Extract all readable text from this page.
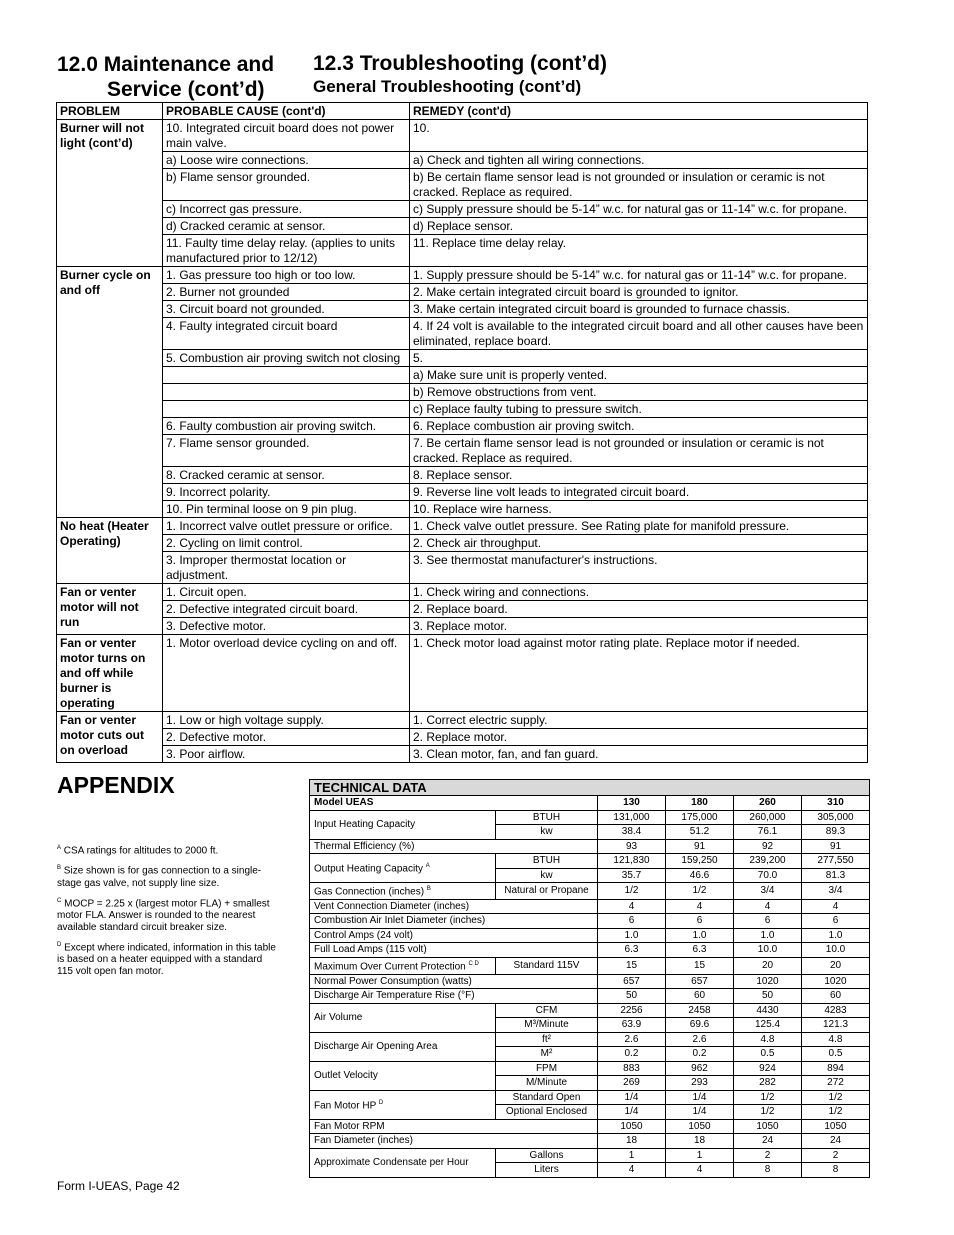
12.0 Maintenance and
Service (cont’d)
12.3 Troubleshooting (cont’d)
General Troubleshooting (cont’d)
PROBLEM	PROBABLE CAUSE (cont'd)	REMEDY (cont'd)
Burner will not light (cont’d)	10. Integrated circuit board does not power main valve.	10.
	a) Loose wire connections.	a) Check and tighten all wiring connections.
	b) Flame sensor grounded.	b) Be certain flame sensor lead is not grounded or insulation or ceramic is not cracked. Replace as required.
	c) Incorrect gas pressure.	c) Supply pressure should be 5-14” w.c. for natural gas or 11-14” w.c. for propane.
	d) Cracked ceramic at sensor.	d) Replace sensor.
	11. Faulty time delay relay. (applies to units manufactured prior to 12/12)	11. Replace time delay relay.
Burner cycle on and off	1. Gas pressure too high or too low.	1. Supply pressure should be 5-14” w.c. for natural gas or 11-14” w.c. for propane.
	2. Burner not grounded	2. Make certain integrated circuit board is grounded to ignitor.
	3. Circuit board not grounded.	3. Make certain integrated circuit board is grounded to furnace chassis.
	4. Faulty integrated circuit board	4. If 24 volt is available to the integrated circuit board and all other causes have been eliminated, replace board.
	5. Combustion air proving switch not closing	5.
		a) Make sure unit is properly vented.
		b) Remove obstructions from vent.
		c) Replace faulty tubing to pressure switch.
	6. Faulty combustion air proving switch.	6. Replace combustion air proving switch.
	7. Flame sensor grounded.	7. Be certain flame sensor lead is not grounded or insulation or ceramic is not cracked. Replace as required.
	8. Cracked ceramic at sensor.	8. Replace sensor.
	9. Incorrect polarity.	9. Reverse line volt leads to integrated circuit board.
	10. Pin terminal loose on 9 pin plug.	10. Replace wire harness.
No heat (Heater Operating)	1. Incorrect valve outlet pressure or orifice.	1. Check valve outlet pressure. See Rating plate for manifold pressure.
	2. Cycling on limit control.	2. Check air throughput.
	3. Improper thermostat location or adjustment.	3. See thermostat manufacturer's instructions.
Fan or venter motor will not run	1. Circuit open.	1. Check wiring and connections.
	2. Defective integrated circuit board.	2. Replace board.
	3. Defective motor.	3. Replace motor.
Fan or venter motor turns on and off while burner is operating	1. Motor overload device cycling on and off.	1. Check motor load against motor rating plate. Replace motor if needed.
Fan or venter motor cuts out on overload	1. Low or high voltage supply.	1. Correct electric supply.
	2. Defective motor.	2. Replace motor.
	3. Poor airflow.	3. Clean motor, fan, and fan guard.
APPENDIX

$^A$ CSA ratings for altitudes to 2000 ft.

$^B$ Size shown is for gas connection to a single-stage gas valve, not supply line size.

$^C$ MOCP = 2.25 x (largest motor FLA) + smallest motor FLA. Answer is rounded to the nearest available standard circuit breaker size.

$^D$ Except where indicated, information in this table is based on a heater equipped with a standard 115 volt open fan motor.

TECHNICAL DATA					
Model UEAS		130	180	260	310
Input Heating Capacity	BTUH	131,000	175,000	260,000	305,000
	kw	38.4	51.2	76.1	89.3
Thermal Efficiency (%)		93	91	92	91
Output Heating Capacity $^A$	BTUH	121,830	159,250	239,200	277,550
	kw	35.7	46.6	70.0	81.3
Gas Connection (inches) $^B$	Natural or Propane	1/2	1/2	3/4	3/4
Vent Connection Diameter (inches)		4	4	4	4
Combustion Air Inlet Diameter (inches)		6	6	6	6
Control Amps (24 volt)		1.0	1.0	1.0	1.0
Full Load Amps (115 volt)		6.3	6.3	10.0	10.0
Maximum Over Current Protection $^{C D}$	Standard 115V	15	15	20	20
Normal Power Consumption (watts)		657	657	1020	1020
Discharge Air Temperature Rise (°F)		50	60	50	60
Air Volume	CFM	2256	2458	4430	4283
	M³/Minute	63.9	69.6	125.4	121.3
Discharge Air Opening Area	ft²	2.6	2.6	4.8	4.8
	M²	0.2	0.2	0.5	0.5
Outlet Velocity	FPM	883	962	924	894
	M/Minute	269	293	282	272
Fan Motor HP $^D$	Standard Open	1/4	1/4	1/2	1/2
	Optional Enclosed	1/4	1/4	1/2	1/2
Fan Motor RPM		1050	1050	1050	1050
Fan Diameter (inches)		18	18	24	24
Approximate Condensate per Hour	Gallons	1	1	2	2
	Liters	4	4	8	8
Form I-UEAS, Page 42
